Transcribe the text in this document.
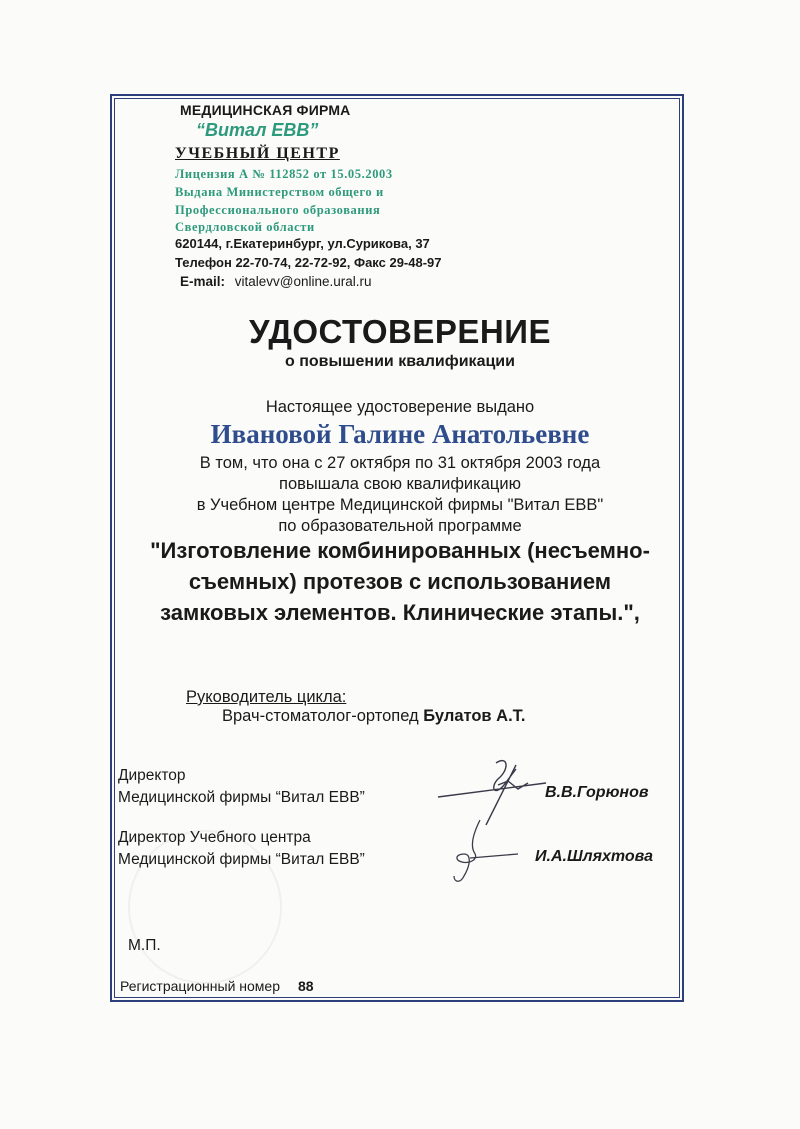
МЕДИЦИНСКАЯ ФИРМА
“Витал ЕВВ”
УЧЕБНЫЙ ЦЕНТР
Лицензия А № 112852 от 15.05.2003
Выдана Министерством общего и
Профессионального образования
Свердловской области
620144, г.Екатеринбург, ул.Сурикова, 37
Телефон 22-70-74, 22-72-92, Факс 29-48-97
E-mail: vitalevv@online.ural.ru
УДОСТОВЕРЕНИЕ
о повышении квалификации
Настоящее удостоверение выдано
Ивановой Галине Анатольевне
В том, что она с 27 октября по 31 октября 2003 года
повышала свою квалификацию
в Учебном центре Медицинской фирмы "Витал ЕВВ"
по образовательной программе
"Изготовление комбинированных (несъемно-
съемных) протезов с использованием
замковых элементов. Клинические этапы.",
Руководитель цикла:
Врач-стоматолог-ортопед Булатов А.Т.
Директор
Медицинской фирмы “Витал ЕВВ”	В.В.Горюнов
Директор Учебного центра
Медицинской фирмы “Витал ЕВВ”	И.А.Шляхтова
М.П.
Регистрационный номер 88
